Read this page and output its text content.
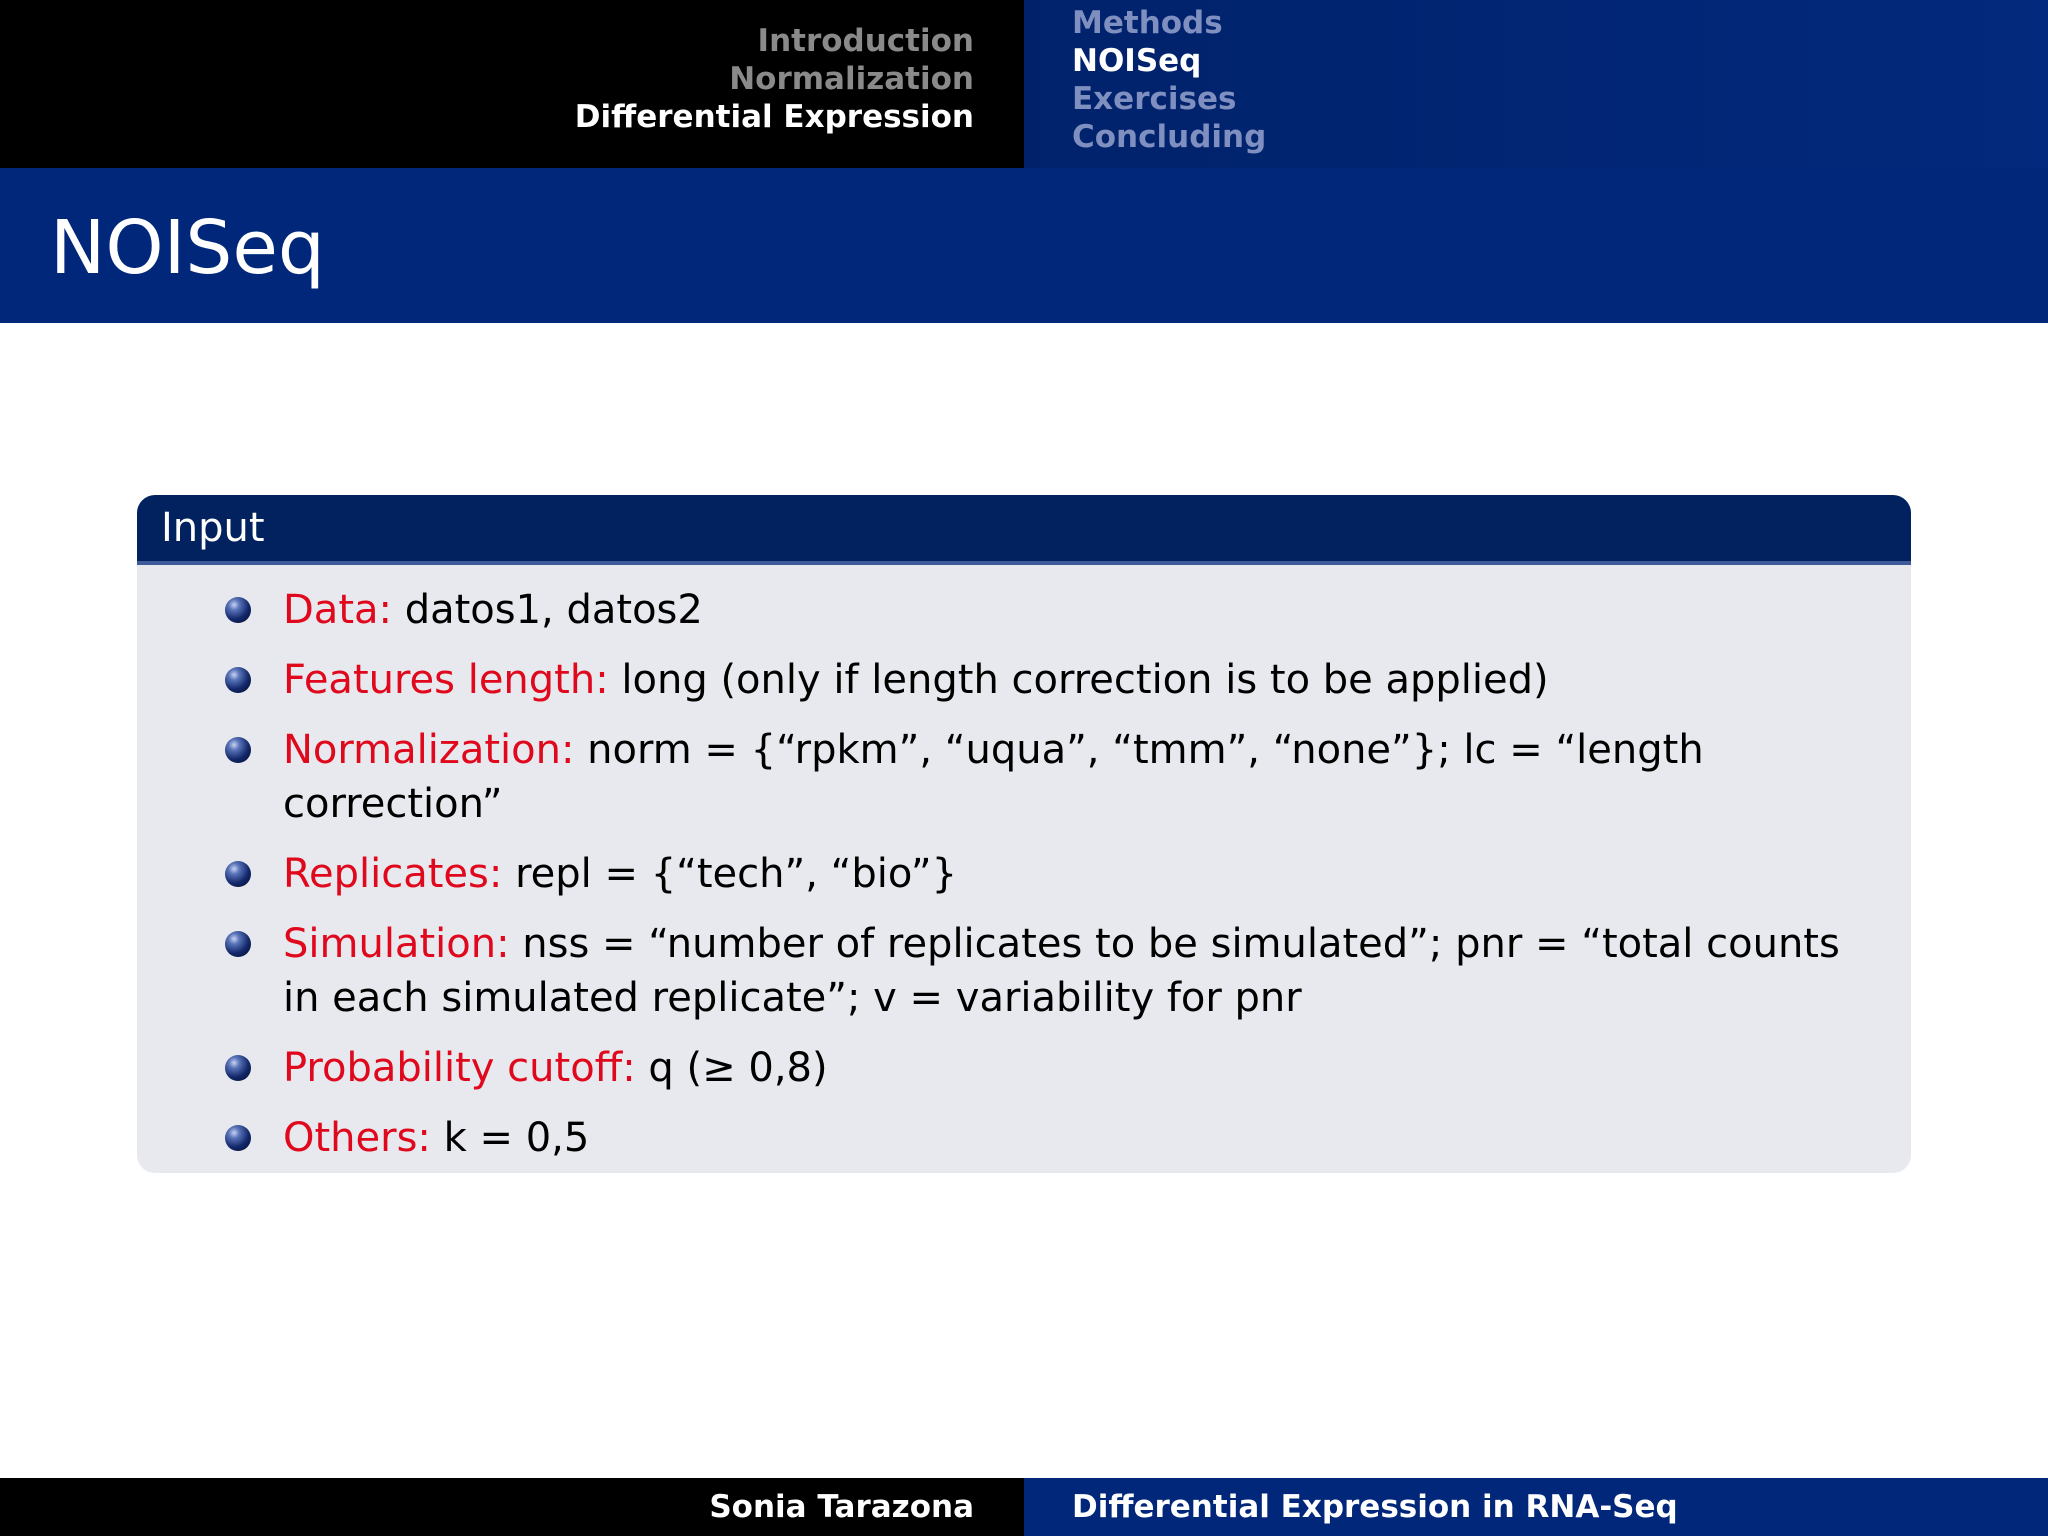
Introduction
Normalization
Differential Expression
Methods
NOISeq
Exercises
Concluding
NOISeq
Input
Data: datos1, datos2
Features length: long (only if length correction is to be applied)
Normalization: norm = {“rpkm”, “uqua”, “tmm”, “none”}; lc = “length correction”
Replicates: repl = {“tech”, “bio”}
Simulation: nss = “number of replicates to be simulated”; pnr = “total counts in each simulated replicate”; v = variability for pnr
Probability cutoff: q (≥ 0,8)
Others: k = 0,5
Sonia Tarazona	Differential Expression in RNA-Seq
